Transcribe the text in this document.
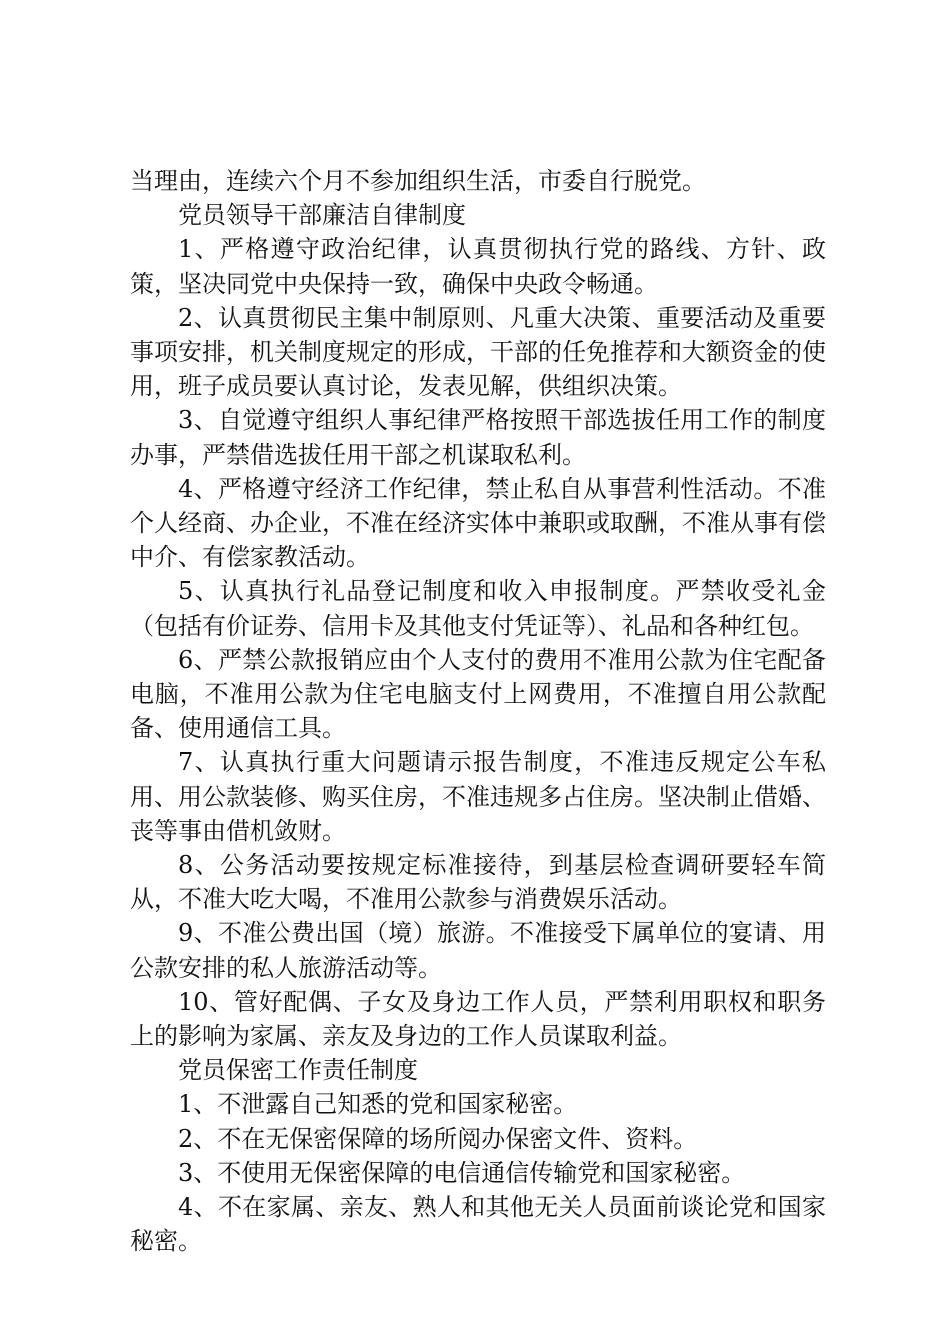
当理由，连续六个月不参加组织生活，市委自行脱党。

党员领导干部廉洁自律制度

1、严格遵守政治纪律，认真贯彻执行党的路线、方针、政策，坚决同党中央保持一致，确保中央政令畅通。

2、认真贯彻民主集中制原则、凡重大决策、重要活动及重要事项安排，机关制度规定的形成，干部的任免推荐和大额资金的使用，班子成员要认真讨论，发表见解，供组织决策。

3、自觉遵守组织人事纪律严格按照干部选拔任用工作的制度办事，严禁借选拔任用干部之机谋取私利。

4、严格遵守经济工作纪律，禁止私自从事营利性活动。不准个人经商、办企业，不准在经济实体中兼职或取酬，不准从事有偿中介、有偿家教活动。

5、认真执行礼品登记制度和收入申报制度。严禁收受礼金（包括有价证券、信用卡及其他支付凭证等）、礼品和各种红包。

6、严禁公款报销应由个人支付的费用不准用公款为住宅配备电脑，不准用公款为住宅电脑支付上网费用，不准擅自用公款配备、使用通信工具。

7、认真执行重大问题请示报告制度，不准违反规定公车私用、用公款装修、购买住房，不准违规多占住房。坚决制止借婚、丧等事由借机敛财。

8、公务活动要按规定标准接待，到基层检查调研要轻车简从，不准大吃大喝，不准用公款参与消费娱乐活动。

9、不准公费出国（境）旅游。不准接受下属单位的宴请、用公款安排的私人旅游活动等。

10、管好配偶、子女及身边工作人员，严禁利用职权和职务上的影响为家属、亲友及身边的工作人员谋取利益。

党员保密工作责任制度

1、不泄露自己知悉的党和国家秘密。

2、不在无保密保障的场所阅办保密文件、资料。

3、不使用无保密保障的电信通信传输党和国家秘密。

4、不在家属、亲友、熟人和其他无关人员面前谈论党和国家秘密。
